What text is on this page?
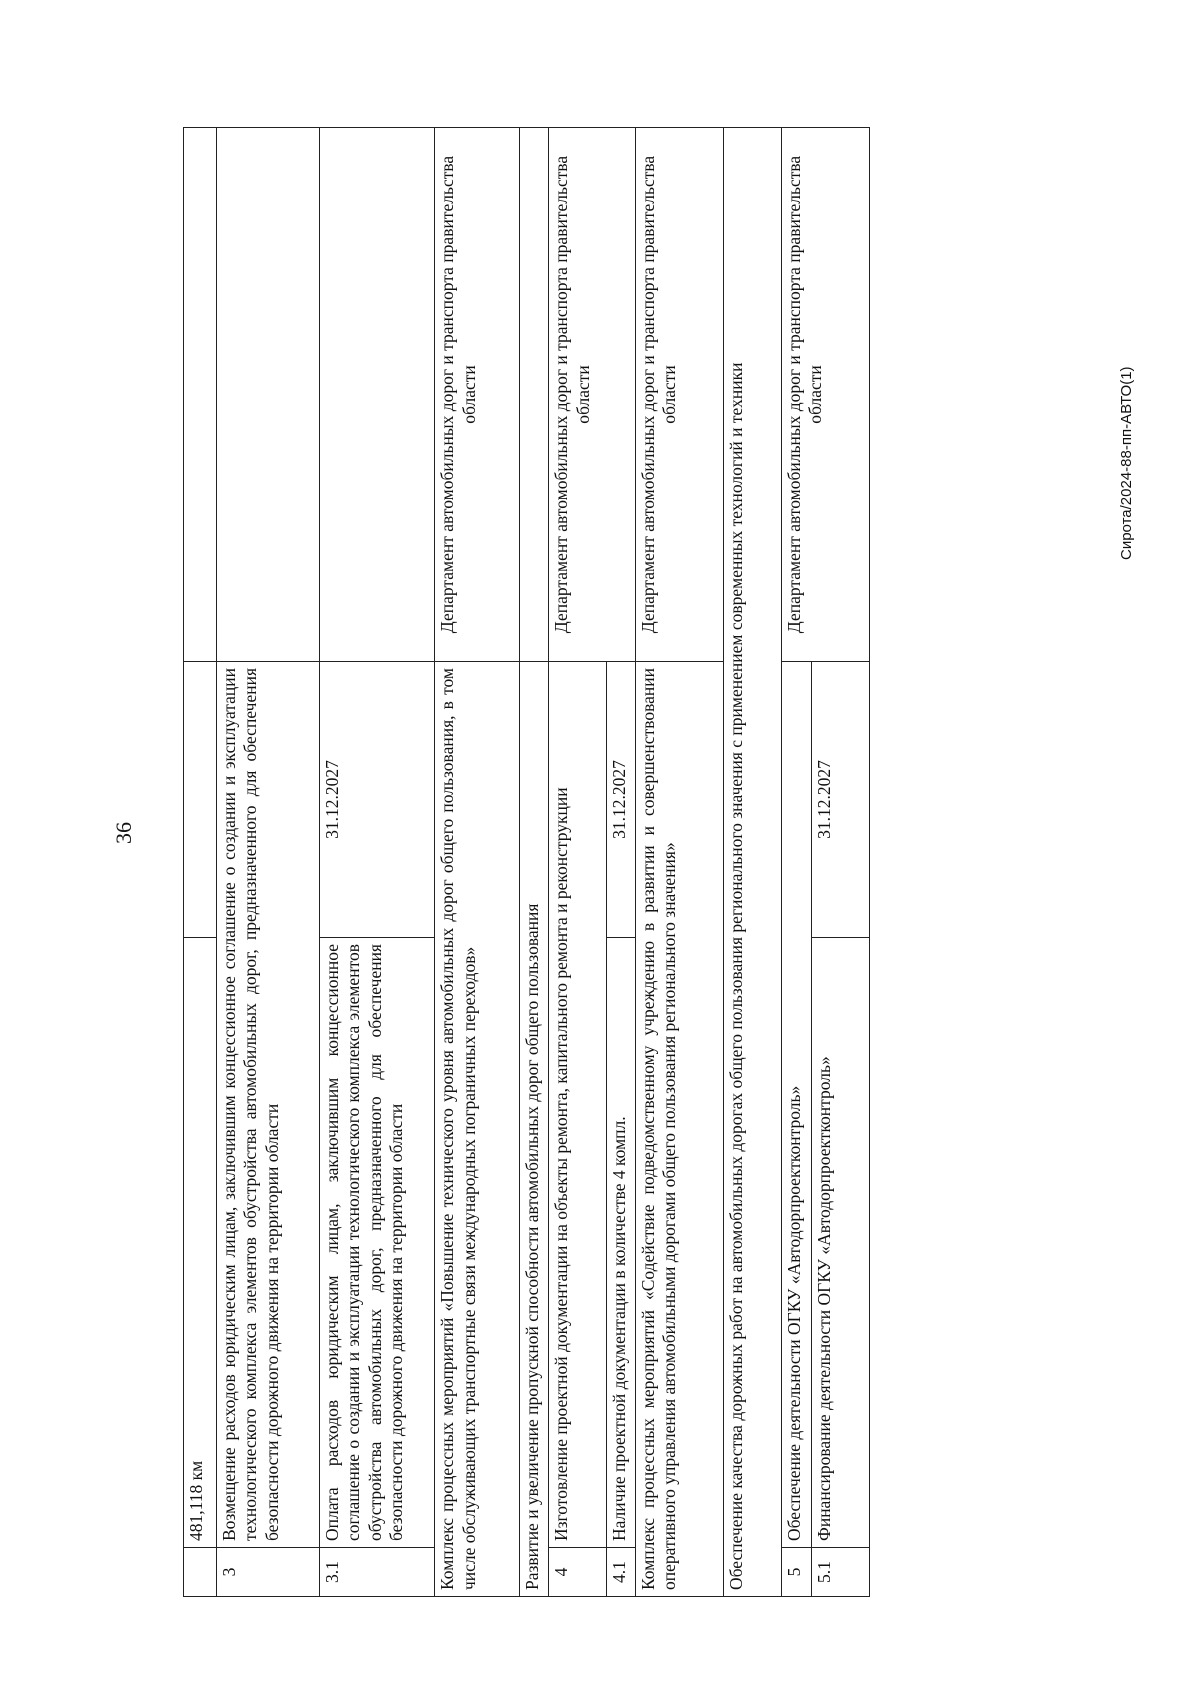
36
Сирота/2024-88-пп-АВТО(1)
	481,118 км		
3	Возмещение расходов юридическим лицам, заключившим концессионное соглашение о создании и эксплуатации технологического комплекса элементов обустройства автомобильных дорог, предназначенного для обеспечения безопасности дорожного движения на территории области		
3.1	Оплата расходов юридическим лицам, заключившим концессионное соглашение о создании и эксплуатации технологического комплекса элементов обустройства автомобильных дорог, предназначенного для обеспечения безопасности дорожного движения на территории области	31.12.2027	
Комплекс процессных мероприятий «Повышение технического уровня автомобильных дорог общего пользования, в том числе обслуживающих транспортные связи международных пограничных переходов»			Департамент автомобильных дорог и транспорта правительства области
Развитие и увеличение пропускной способности автомобильных дорог общего пользования			
4	Изготовление проектной документации на объекты ремонта, капитального ремонта и реконструкции		Департамент автомобильных дорог и транспорта правительства области
4.1	Наличие проектной документации в количестве 4 компл.	31.12.2027	
Комплекс процессных мероприятий «Содействие подведомственному учреждению в развитии и совершенствовании оперативного управления автомобильными дорогами общего пользования регионального значения»			Департамент автомобильных дорог и транспорта правительства области
Обеспечение качества дорожных работ на автомобильных дорогах общего пользования регионального значения с применением современных технологий и техники			
5	Обеспечение деятельности ОГКУ «Автодорпроектконтроль»		Департамент автомобильных дорог и транспорта правительства области
5.1	Финансирование деятельности ОГКУ «Автодорпроектконтроль»	31.12.2027	
